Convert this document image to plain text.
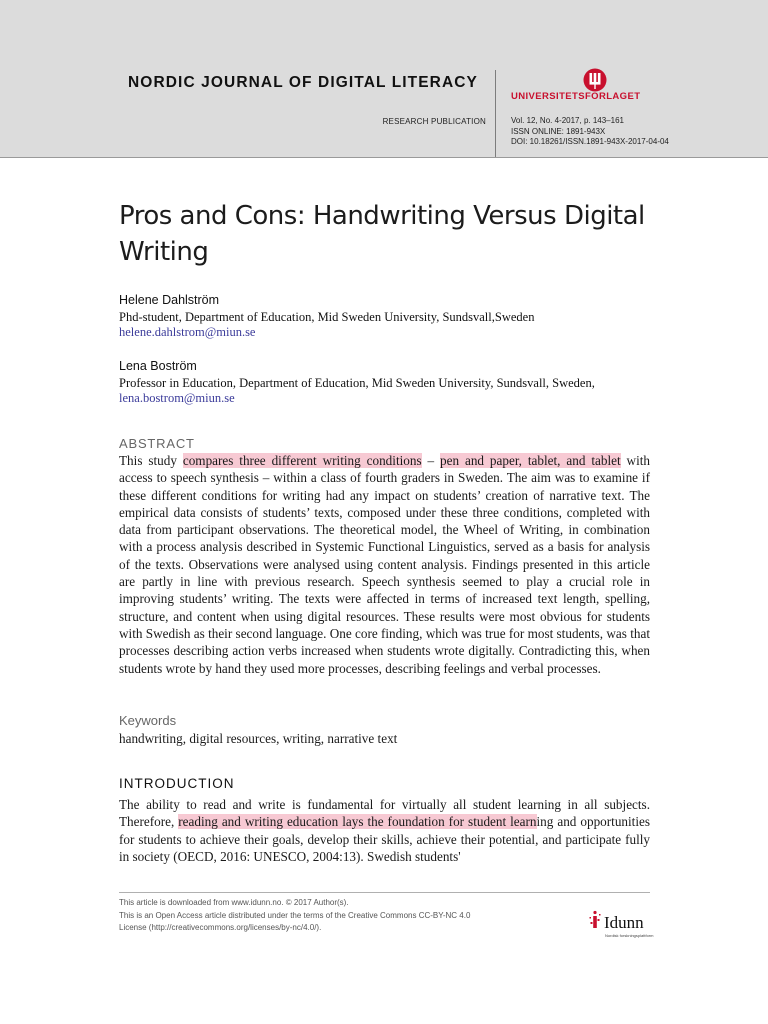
NORDIC JOURNAL OF DIGITAL LITERACY
RESEARCH PUBLICATION
UNIVERSITETSFORLAGET
Vol. 12, No. 4-2017, p. 143–161
ISSN ONLINE: 1891-943X
DOI: 10.18261/ISSN.1891-943X-2017-04-04
Pros and Cons: Handwriting Versus Digital Writing
Helene Dahlström
Phd-student, Department of Education, Mid Sweden University, Sundsvall,Sweden
helene.dahlstrom@miun.se
Lena Boström
Professor in Education, Department of Education, Mid Sweden University, Sundsvall, Sweden,
lena.bostrom@miun.se
ABSTRACT

This study compares three different writing conditions – pen and paper, tablet, and tablet with access to speech synthesis – within a class of fourth graders in Sweden. The aim was to examine if these different conditions for writing had any impact on students’ creation of narrative text. The empirical data consists of students’ texts, composed under these three conditions, completed with data from participant observations. The theoretical model, the Wheel of Writing, in combination with a process analysis described in Systemic Functional Linguistics, served as a basis for analysis of the texts. Observations were analysed using content analysis. Findings presented in this article are partly in line with previous research. Speech synthesis seemed to play a crucial role in improving students’ writing. The texts were affected in terms of increased text length, spelling, structure, and content when using digital resources. These results were most obvious for students with Swedish as their second language. One core finding, which was true for most students, was that processes describing action verbs increased when students wrote digitally. Contradicting this, when students wrote by hand they used more processes, describing feelings and verbal processes.

Keywords
handwriting, digital resources, writing, narrative text
INTRODUCTION

The ability to read and write is fundamental for virtually all student learning in all subjects. Therefore, reading and writing education lays the foundation for student learning and opportunities for students to achieve their goals, develop their skills, achieve their potential, and participate fully in society (OECD, 2016: UNESCO, 2004:13). Swedish students'

This article is downloaded from www.idunn.no. © 2017 Author(s).
This is an Open Access article distributed under the terms of the Creative Commons CC-BY-NC 4.0
License (http://creativecommons.org/licenses/by-nc/4.0/).	Idunn
Nordisk forskningsplattform
